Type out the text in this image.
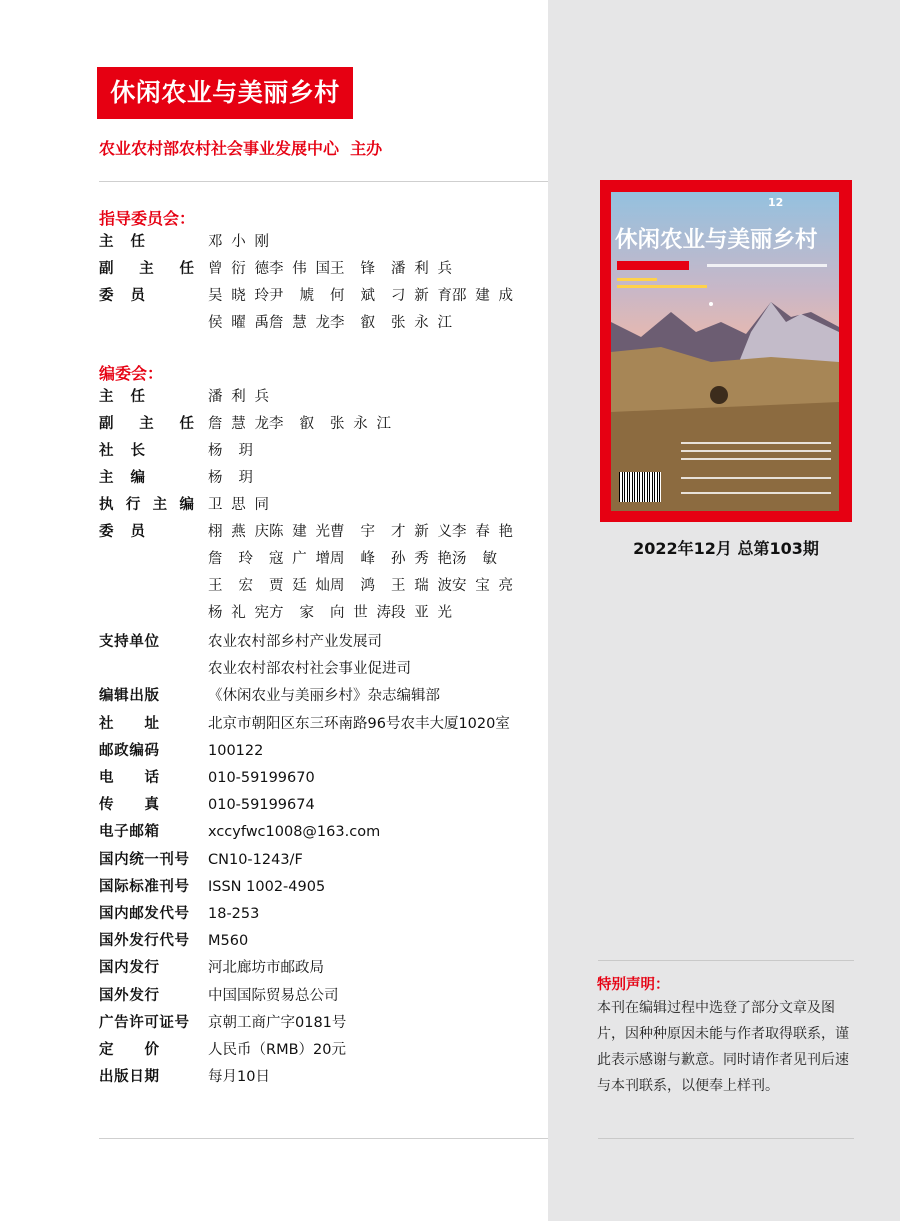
休闲农业与美丽乡村
农业农村部农村社会事业发展中心  主办
指导委员会：
主任	邓小刚
副主任 曾衍德 李伟国 王锋 潘利兵
委员	吴晓玲 尹虓 何斌 刁新育 邵建成
侯曜禹 詹慧龙 李叡 张永江
编委会：
主任	潘利兵
副主任 詹慧龙 李叡 张永江
社长	杨玥
主编	杨玥
执行主编 卫思同
委员	栩燕庆 陈建光 曹宇 才新义 李春艳
詹玲 寇广增 周峰 孙秀艳 汤敏
王宏 贾廷灿 周鸿 王瑞波 安宝亮
杨礼宪 方家 向世涛 段亚光
支持单位	农业农村部乡村产业发展司
农业农村部农村社会事业促进司
编辑出版	《休闲农业与美丽乡村》杂志编辑部
社址	北京市朝阳区东三环南路96号农丰大厦1020室
邮政编码	100122
电话	010-59199670
传真	010-59199674
电子邮箱	xccyfwc1008@163.com
国内统一刊号 CN10-1243/F
国际标准刊号 ISSN 1002-4905
国内邮发代号 18-253
国外发行代号 M560
国内发行	河北廊坊市邮政局
国外发行	中国国际贸易总公司
广告许可证号 京朝工商广字0181号
定价	人民币（RMB）20元
出版日期	每月10日
12
休闲农业与美丽乡村
2022年12月 总第103期
特别声明：
本刊在编辑过程中选登了部分文章及图片，因种种原因未能与作者取得联系，谨此表示感谢与歉意。同时请作者见刊后速与本刊联系，以便奉上样刊。
